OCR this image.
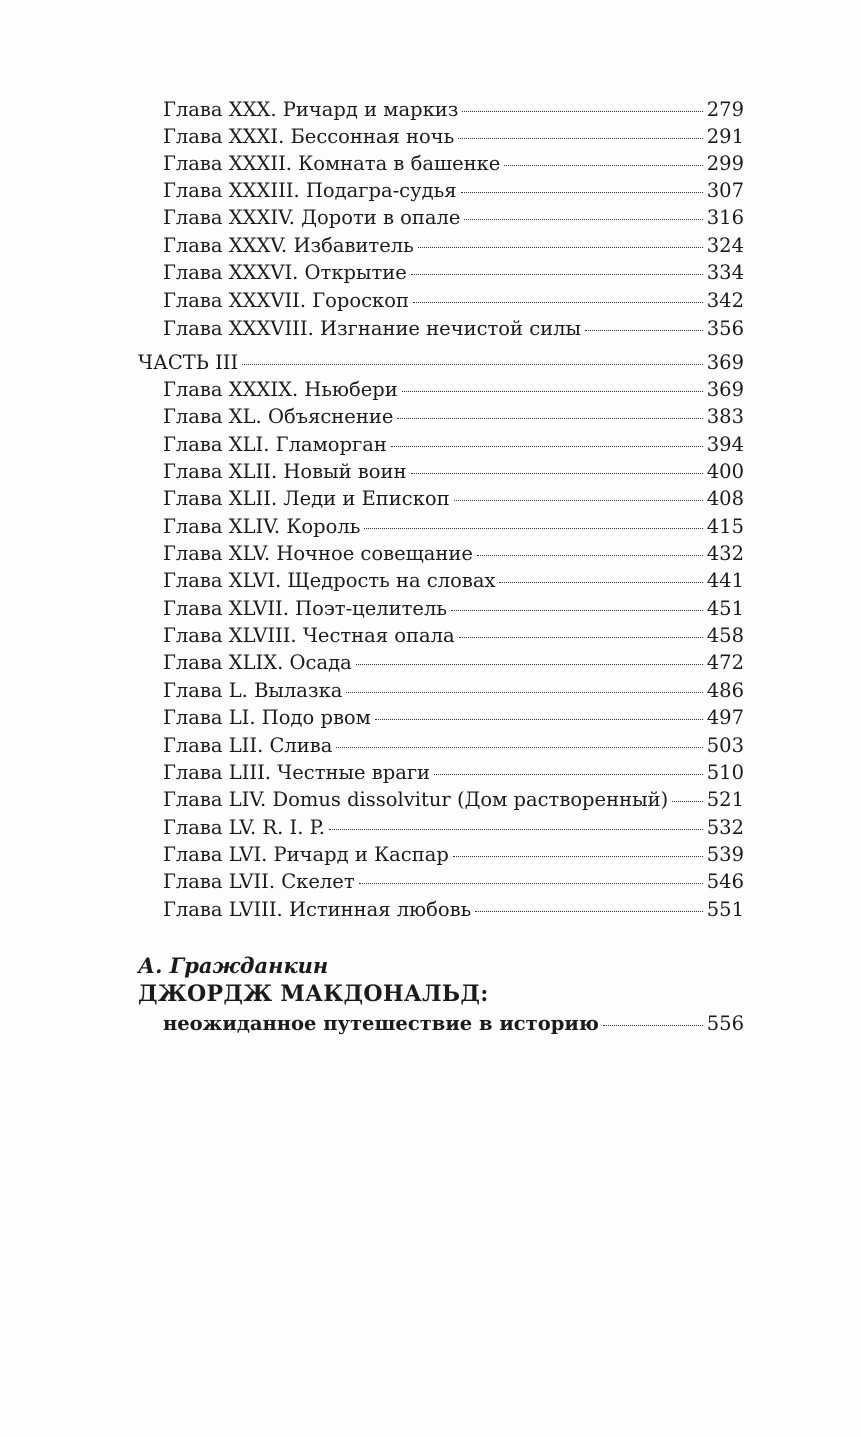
Глава XXX. Ричард и маркиз	279
Глава XXXI. Бессонная ночь	291
Глава XXXII. Комната в башенке	299
Глава XXXIII. Подагра-судья	307
Глава XXXIV. Дороти в опале	316
Глава XXXV. Избавитель	324
Глава XXXVI. Открытие	334
Глава XXXVII. Гороскоп	342
Глава XXXVIII. Изгнание нечистой силы	356
ЧАСТЬ III	369
Глава XXXIX. Ньюбери	369
Глава XL. Объяснение	383
Глава XLI. Гламорган	394
Глава XLII. Новый воин	400
Глава XLII. Леди и Епископ	408
Глава XLIV. Король	415
Глава XLV. Ночное совещание	432
Глава XLVI. Щедрость на словах	441
Глава XLVII. Поэт-целитель	451
Глава XLVIII. Честная опала	458
Глава XLIX. Осада	472
Глава L. Вылазка	486
Глава LI. Подо рвом	497
Глава LII. Слива	503
Глава LIII. Честные враги	510
Глава LIV. Domus dissolvitur (Дом растворенный) 521
Глава LV. R. I. P.	532
Глава LVI. Ричард и Каспар	539
Глава LVII. Скелет	546
Глава LVIII. Истинная любовь	551
А. Гражданкин
ДЖОРДЖ МАКДОНАЛЬД:
неожиданное путешествие в историю	556
